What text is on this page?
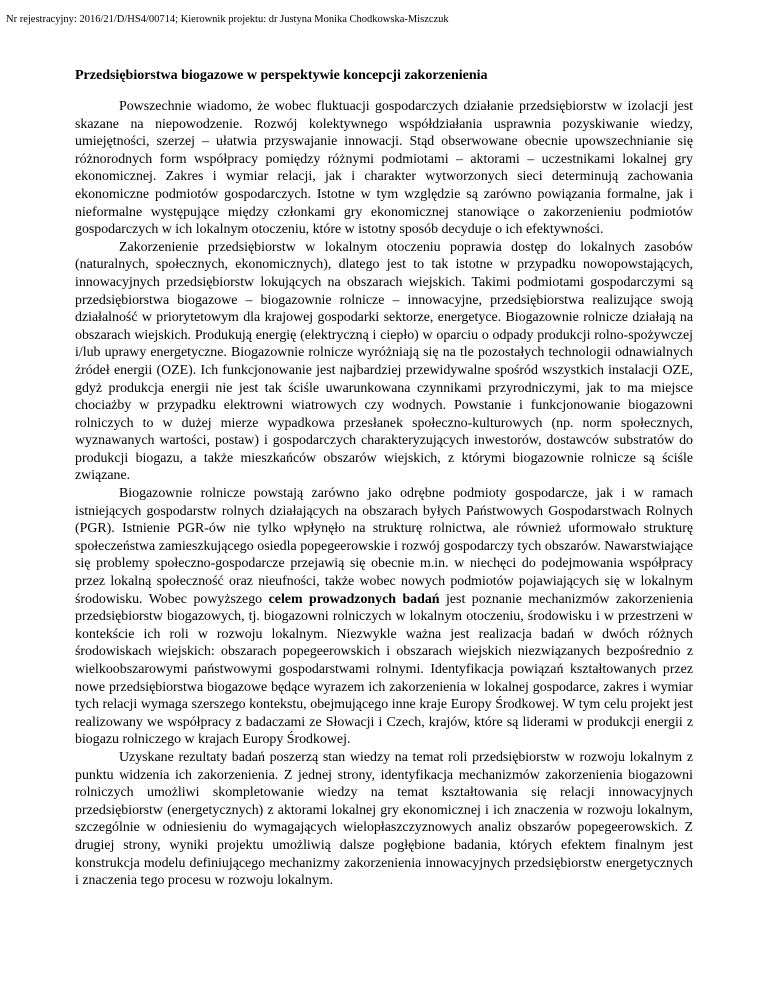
Nr rejestracyjny: 2016/21/D/HS4/00714; Kierownik projektu: dr Justyna Monika Chodkowska-Miszczuk
Przedsiębiorstwa biogazowe w perspektywie koncepcji zakorzenienia

Powszechnie wiadomo, że wobec fluktuacji gospodarczych działanie przedsiębiorstw w izolacji jest skazane na niepowodzenie. Rozwój kolektywnego współdziałania usprawnia pozyskiwanie wiedzy, umiejętności, szerzej – ułatwia przyswajanie innowacji. Stąd obserwowane obecnie upowszechnianie się różnorodnych form współpracy pomiędzy różnymi podmiotami – aktorami – uczestnikami lokalnej gry ekonomicznej. Zakres i wymiar relacji, jak i charakter wytworzonych sieci determinują zachowania ekonomiczne podmiotów gospodarczych. Istotne w tym względzie są zarówno powiązania formalne, jak i nieformalne występujące między członkami gry ekonomicznej stanowiące o zakorzenieniu podmiotów gospodarczych w ich lokalnym otoczeniu, które w istotny sposób decyduje o ich efektywności.

Zakorzenienie przedsiębiorstw w lokalnym otoczeniu poprawia dostęp do lokalnych zasobów (naturalnych, społecznych, ekonomicznych), dlatego jest to tak istotne w przypadku nowopowstających, innowacyjnych przedsiębiorstw lokujących na obszarach wiejskich. Takimi podmiotami gospodarczymi są przedsiębiorstwa biogazowe – biogazownie rolnicze – innowacyjne, przedsiębiorstwa realizujące swoją działalność w priorytetowym dla krajowej gospodarki sektorze, energetyce. Biogazownie rolnicze działają na obszarach wiejskich. Produkują energię (elektryczną i ciepło) w oparciu o odpady produkcji rolno-spożywczej i/lub uprawy energetyczne. Biogazownie rolnicze wyróżniają się na tle pozostałych technologii odnawialnych źródeł energii (OZE). Ich funkcjonowanie jest najbardziej przewidywalne spośród wszystkich instalacji OZE, gdyż produkcja energii nie jest tak ściśle uwarunkowana czynnikami przyrodniczymi, jak to ma miejsce chociażby w przypadku elektrowni wiatrowych czy wodnych. Powstanie i funkcjonowanie biogazowni rolniczych to w dużej mierze wypadkowa przesłanek społeczno-kulturowych (np. norm społecznych, wyznawanych wartości, postaw) i gospodarczych charakteryzujących inwestorów, dostawców substratów do produkcji biogazu, a także mieszkańców obszarów wiejskich, z którymi biogazownie rolnicze są ściśle związane.

Biogazownie rolnicze powstają zarówno jako odrębne podmioty gospodarcze, jak i w ramach istniejących gospodarstw rolnych działających na obszarach byłych Państwowych Gospodarstwach Rolnych (PGR). Istnienie PGR-ów nie tylko wpłynęło na strukturę rolnictwa, ale również uformowało strukturę społeczeństwa zamieszkującego osiedla popegeerowskie i rozwój gospodarczy tych obszarów. Nawarstwiające się problemy społeczno-gospodarcze przejawią się obecnie m.in. w niechęci do podejmowania współpracy przez lokalną społeczność oraz nieufności, także wobec nowych podmiotów pojawiających się w lokalnym środowisku. Wobec powyższego celem prowadzonych badań jest poznanie mechanizmów zakorzenienia przedsiębiorstw biogazowych, tj. biogazowni rolniczych w lokalnym otoczeniu, środowisku i w przestrzeni w kontekście ich roli w rozwoju lokalnym. Niezwykle ważna jest realizacja badań w dwóch różnych środowiskach wiejskich: obszarach popegeerowskich i obszarach wiejskich niezwiązanych bezpośrednio z wielkoobszarowymi państwowymi gospodarstwami rolnymi. Identyfikacja powiązań kształtowanych przez nowe przedsiębiorstwa biogazowe będące wyrazem ich zakorzenienia w lokalnej gospodarce, zakres i wymiar tych relacji wymaga szerszego kontekstu, obejmującego inne kraje Europy Środkowej. W tym celu projekt jest realizowany we współpracy z badaczami ze Słowacji i Czech, krajów, które są liderami w produkcji energii z biogazu rolniczego w krajach Europy Środkowej.

Uzyskane rezultaty badań poszerzą stan wiedzy na temat roli przedsiębiorstw w rozwoju lokalnym z punktu widzenia ich zakorzenienia. Z jednej strony, identyfikacja mechanizmów zakorzenienia biogazowni rolniczych umożliwi skompletowanie wiedzy na temat kształtowania się relacji innowacyjnych przedsiębiorstw (energetycznych) z aktorami lokalnej gry ekonomicznej i ich znaczenia w rozwoju lokalnym, szczególnie w odniesieniu do wymagających wielopłaszczyznowych analiz obszarów popegeerowskich. Z drugiej strony, wyniki projektu umożliwią dalsze pogłębione badania, których efektem finalnym jest konstrukcja modelu definiującego mechanizmy zakorzenienia innowacyjnych przedsiębiorstw energetycznych i znaczenia tego procesu w rozwoju lokalnym.
